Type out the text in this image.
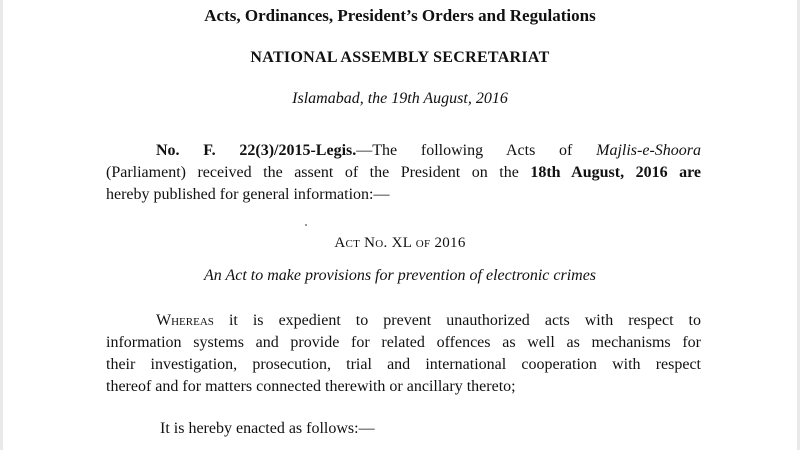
Acts, Ordinances, President’s Orders and Regulations
NATIONAL ASSEMBLY SECRETARIAT
Islamabad, the 19th August, 2016
No. F. 22(3)/2015-Legis.—The following Acts of Majlis-e-Shoora
(Parliament) received the assent of the President on the 18th August, 2016 are
hereby published for general information:—
Act No. XL of 2016
An Act to make provisions for prevention of electronic crimes
Whereas it is expedient to prevent unauthorized acts with respect to
information systems and provide for related offences as well as mechanisms for
their investigation, prosecution, trial and international cooperation with respect
thereof and for matters connected therewith or ancillary thereto;
It is hereby enacted as follows:—
